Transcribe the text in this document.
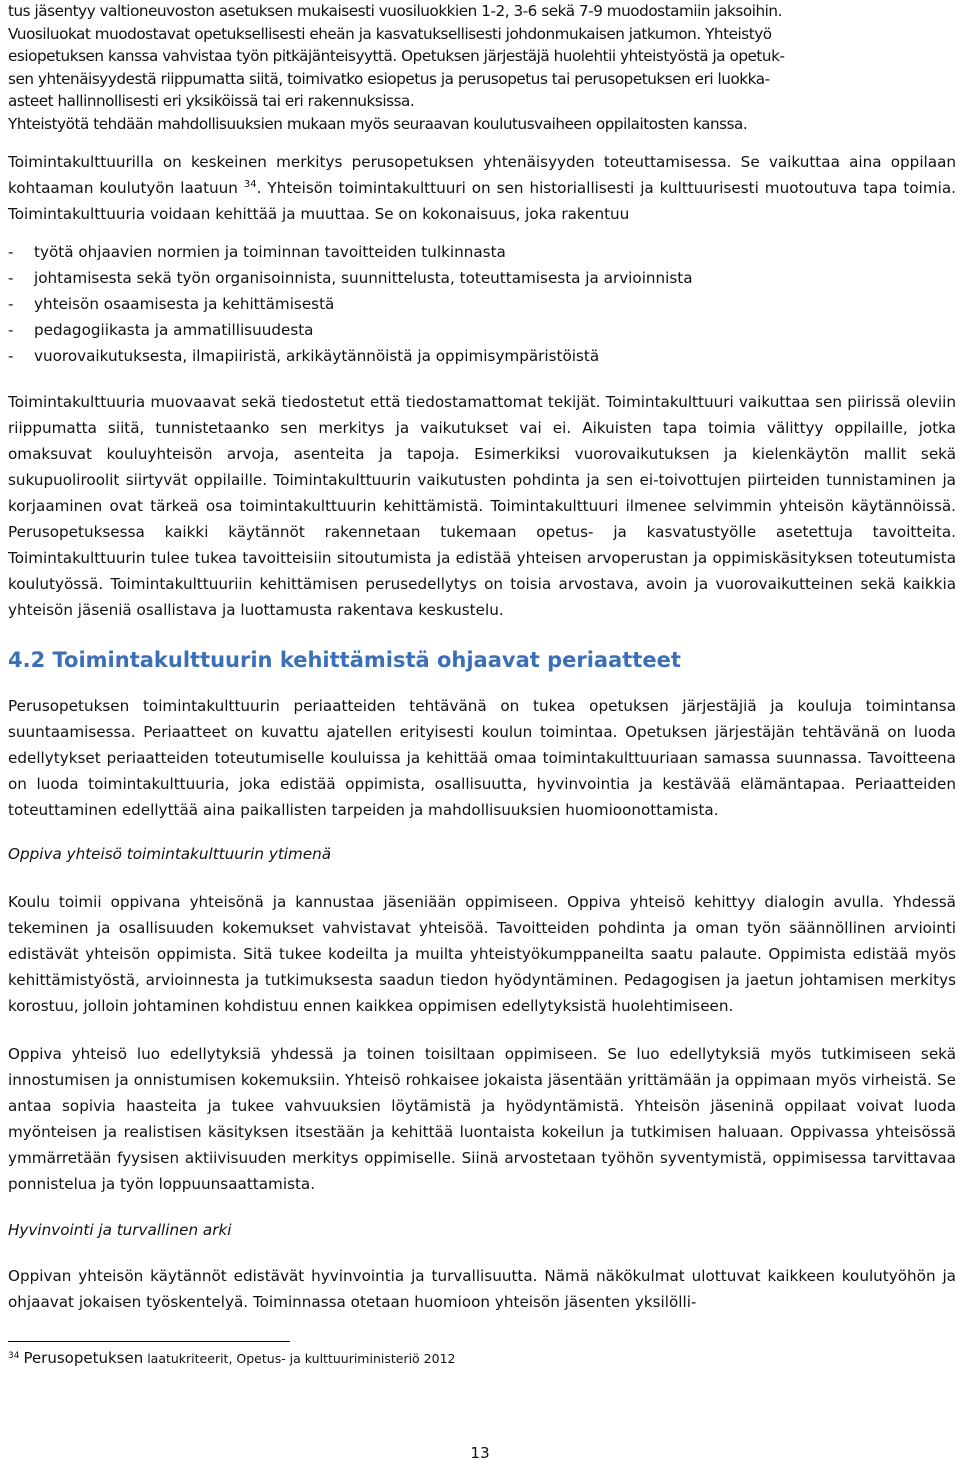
tus jäsentyy valtioneuvoston asetuksen mukaisesti vuosiluokkien 1-2, 3-6 sekä 7-9 muodostamiin jaksoihin.

Vuosiluokat muodostavat opetuksellisesti eheän ja kasvatuksellisesti johdonmukaisen jatkumon. Yhteistyö

esiopetuksen kanssa vahvistaa työn pitkäjänteisyyttä. Opetuksen järjestäjä huolehtii yhteistyöstä ja opetuk-

sen yhtenäisyydestä riippumatta siitä, toimivatko esiopetus ja perusopetus tai perusopetuksen eri luokka-

asteet hallinnollisesti eri yksiköissä tai eri rakennuksissa.

Yhteistyötä tehdään mahdollisuuksien mukaan myös seuraavan koulutusvaiheen oppilaitosten kanssa.

Toimintakulttuurilla on keskeinen merkitys perusopetuksen yhtenäisyyden toteuttamisessa. Se vaikuttaa aina oppilaan kohtaaman koulutyön laatuun $^{34}$. Yhteisön toimintakulttuuri on sen historiallisesti ja kulttuurisesti muotoutuva tapa toimia. Toimintakulttuuria voidaan kehittää ja muuttaa. Se on kokonaisuus, joka rakentuu

-	työtä ohjaavien normien ja toiminnan tavoitteiden tulkinnasta
-	johtamisesta sekä työn organisoinnista, suunnittelusta, toteuttamisesta ja arvioinnista
-	yhteisön osaamisesta ja kehittämisestä
-	pedagogiikasta ja ammatillisuudesta
-	vuorovaikutuksesta, ilmapiiristä, arkikäytännöistä ja oppimisympäristöistä

Toimintakulttuuria muovaavat sekä tiedostetut että tiedostamattomat tekijät. Toimintakulttuuri vaikuttaa sen piirissä oleviin riippumatta siitä, tunnistetaanko sen merkitys ja vaikutukset vai ei. Aikuisten tapa toimia välittyy oppilaille, jotka omaksuvat kouluyhteisön arvoja, asenteita ja tapoja. Esimerkiksi vuorovaikutuksen ja kielenkäytön mallit sekä sukupuoliroolit siirtyvät oppilaille. Toimintakulttuurin vaikutusten pohdinta ja sen ei-toivottujen piirteiden tunnistaminen ja korjaaminen ovat tärkeä osa toimintakulttuurin kehittämistä. Toimintakulttuuri ilmenee selvimmin yhteisön käytännöissä. Perusopetuksessa kaikki käytännöt rakennetaan tukemaan opetus- ja kasvatustyölle asetettuja tavoitteita. Toimintakulttuurin tulee tukea tavoitteisiin sitoutumista ja edistää yhteisen arvoperustan ja oppimiskäsityksen toteutumista koulutyössä. Toimintakulttuuriin kehittämisen perusedellytys on toisia arvostava, avoin ja vuorovaikutteinen sekä kaikkia yhteisön jäseniä osallistava ja luottamusta rakentava keskustelu.

4.2 Toimintakulttuurin kehittämistä ohjaavat periaatteet

Perusopetuksen toimintakulttuurin periaatteiden tehtävänä on tukea opetuksen järjestäjiä ja kouluja toimintansa suuntaamisessa. Periaatteet on kuvattu ajatellen erityisesti koulun toimintaa. Opetuksen järjestäjän tehtävänä on luoda edellytykset periaatteiden toteutumiselle kouluissa ja kehittää omaa toimintakulttuuriaan samassa suunnassa. Tavoitteena on luoda toimintakulttuuria, joka edistää oppimista, osallisuutta, hyvinvointia ja kestävää elämäntapaa. Periaatteiden toteuttaminen edellyttää aina paikallisten tarpeiden ja mahdollisuuksien huomioonottamista.

Oppiva yhteisö toimintakulttuurin ytimenä

Koulu toimii oppivana yhteisönä ja kannustaa jäseniään oppimiseen. Oppiva yhteisö kehittyy dialogin avulla. Yhdessä tekeminen ja osallisuuden kokemukset vahvistavat yhteisöä. Tavoitteiden pohdinta ja oman työn säännöllinen arviointi edistävät yhteisön oppimista. Sitä tukee kodeilta ja muilta yhteistyökumppaneilta saatu palaute. Oppimista edistää myös kehittämistyöstä, arvioinnesta ja tutkimuksesta saadun tiedon hyödyntäminen. Pedagogisen ja jaetun johtamisen merkitys korostuu, jolloin johtaminen kohdistuu ennen kaikkea oppimisen edellytyksistä huolehtimiseen.

Oppiva yhteisö luo edellytyksiä yhdessä ja toinen toisiltaan oppimiseen. Se luo edellytyksiä myös tutkimiseen sekä innostumisen ja onnistumisen kokemuksiin. Yhteisö rohkaisee jokaista jäsentään yrittämään ja oppimaan myös virheistä. Se antaa sopivia haasteita ja tukee vahvuuksien löytämistä ja hyödyntämistä. Yhteisön jäseninä oppilaat voivat luoda myönteisen ja realistisen käsityksen itsestään ja kehittää luontaista kokeilun ja tutkimisen haluaan. Oppivassa yhteisössä ymmärretään fyysisen aktiivisuuden merkitys oppimiselle. Siinä arvostetaan työhön syventymistä, oppimisessa tarvittavaa ponnistelua ja työn loppuunsaattamista.

Hyvinvointi ja turvallinen arki

Oppivan yhteisön käytännöt edistävät hyvinvointia ja turvallisuutta. Nämä näkökulmat ulottuvat kaikkeen koulutyöhön ja ohjaavat jokaisen työskentelyä. Toiminnassa otetaan huomioon yhteisön jäsenten yksilölli-

$^{34}$ Perusopetuksen laatukriteerit, Opetus- ja kulttuuriministeriö 2012

13
